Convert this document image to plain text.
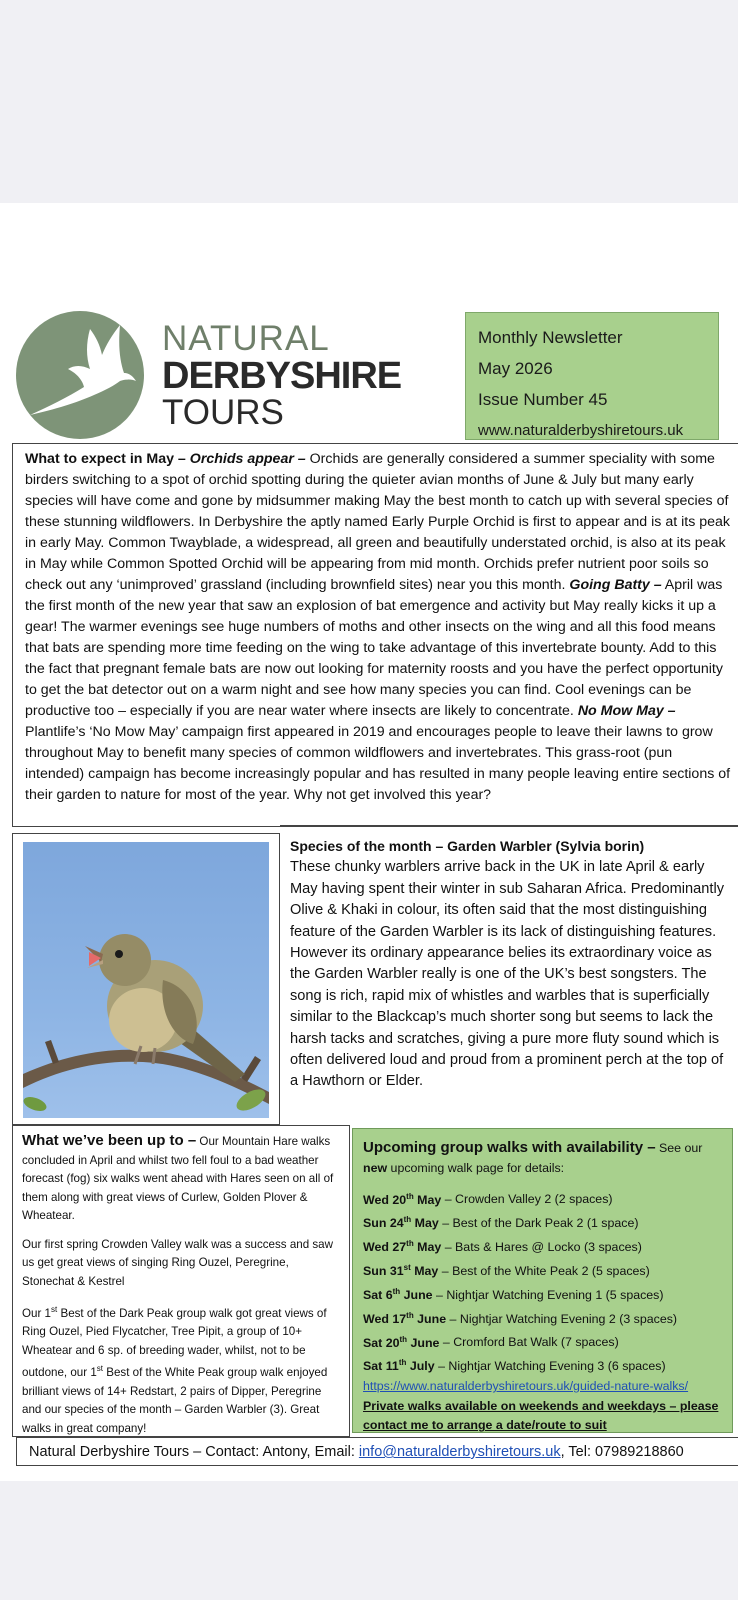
NATURAL
DERBYSHIRE
TOURS
Monthly Newsletter
May 2026
Issue Number 45
www.naturalderbyshiretours.uk
What to expect in May – Orchids appear – Orchids are generally considered a summer speciality with some birders switching to a spot of orchid spotting during the quieter avian months of June & July but many early species will have come and gone by midsummer making May the best month to catch up with several species of these stunning wildflowers. In Derbyshire the aptly named Early Purple Orchid is first to appear and is at its peak in early May. Common Twayblade, a widespread, all green and beautifully understated orchid, is also at its peak in May while Common Spotted Orchid will be appearing from mid month. Orchids prefer nutrient poor soils so check out any ‘unimproved’ grassland (including brownfield sites) near you this month. Going Batty – April was the first month of the new year that saw an explosion of bat emergence and activity but May really kicks it up a gear! The warmer evenings see huge numbers of moths and other insects on the wing and all this food means that bats are spending more time feeding on the wing to take advantage of this invertebrate bounty. Add to this the fact that pregnant female bats are now out looking for maternity roosts and you have the perfect opportunity to get the bat detector out on a warm night and see how many species you can find. Cool evenings can be productive too – especially if you are near water where insects are likely to concentrate. No Mow May – Plantlife’s ‘No Mow May’ campaign first appeared in 2019 and encourages people to leave their lawns to grow throughout May to benefit many species of common wildflowers and invertebrates. This grass-root (pun intended) campaign has become increasingly popular and has resulted in many people leaving entire sections of their garden to nature for most of the year. Why not get involved this year?
Species of the month – Garden Warbler (Sylvia borin)
These chunky warblers arrive back in the UK in late April & early May having spent their winter in sub Saharan Africa. Predominantly Olive & Khaki in colour, its often said that the most distinguishing feature of the Garden Warbler is its lack of distinguishing features. However its ordinary appearance belies its extraordinary voice as the Garden Warbler really is one of the UK’s best songsters. The song is rich, rapid mix of whistles and warbles that is superficially similar to the Blackcap’s much shorter song but seems to lack the harsh tacks and scratches, giving a pure more fluty sound which is often delivered loud and proud from a prominent perch at the top of a Hawthorn or Elder.

What we’ve been up to – Our Mountain Hare walks concluded in April and whilst two fell foul to a bad weather forecast (fog) six walks went ahead with Hares seen on all of them along with great views of Curlew, Golden Plover & Wheatear.

Our first spring Crowden Valley walk was a success and saw us get great views of singing Ring Ouzel, Peregrine, Stonechat & Kestrel

Our 1st Best of the Dark Peak group walk got great views of Ring Ouzel, Pied Flycatcher, Tree Pipit, a group of 10+ Wheatear and 6 sp. of breeding wader, whilst, not to be outdone, our 1st Best of the White Peak group walk enjoyed brilliant views of 14+ Redstart, 2 pairs of Dipper, Peregrine and our species of the month – Garden Warbler (3). Great walks in great company!

Upcoming group walks with availability – See our new upcoming walk page for details:
Wed 20th May – Crowden Valley 2 (2 spaces)
Sun 24th May – Best of the Dark Peak 2 (1 space)
Wed 27th May – Bats & Hares @ Locko (3 spaces)
Sun 31st May – Best of the White Peak 2 (5 spaces)
Sat 6th June – Nightjar Watching Evening 1 (5 spaces)
Wed 17th June – Nightjar Watching Evening 2 (3 spaces)
Sat 20th June – Cromford Bat Walk (7 spaces)
Sat 11th July – Nightjar Watching Evening 3 (6 spaces)
https://www.naturalderbyshiretours.uk/guided-nature-walks/
Private walks available on weekends and weekdays – please contact me to arrange a date/route to suit
Natural Derbyshire Tours – Contact: Antony, Email: info@naturalderbyshiretours.uk, Tel: 07989218860
